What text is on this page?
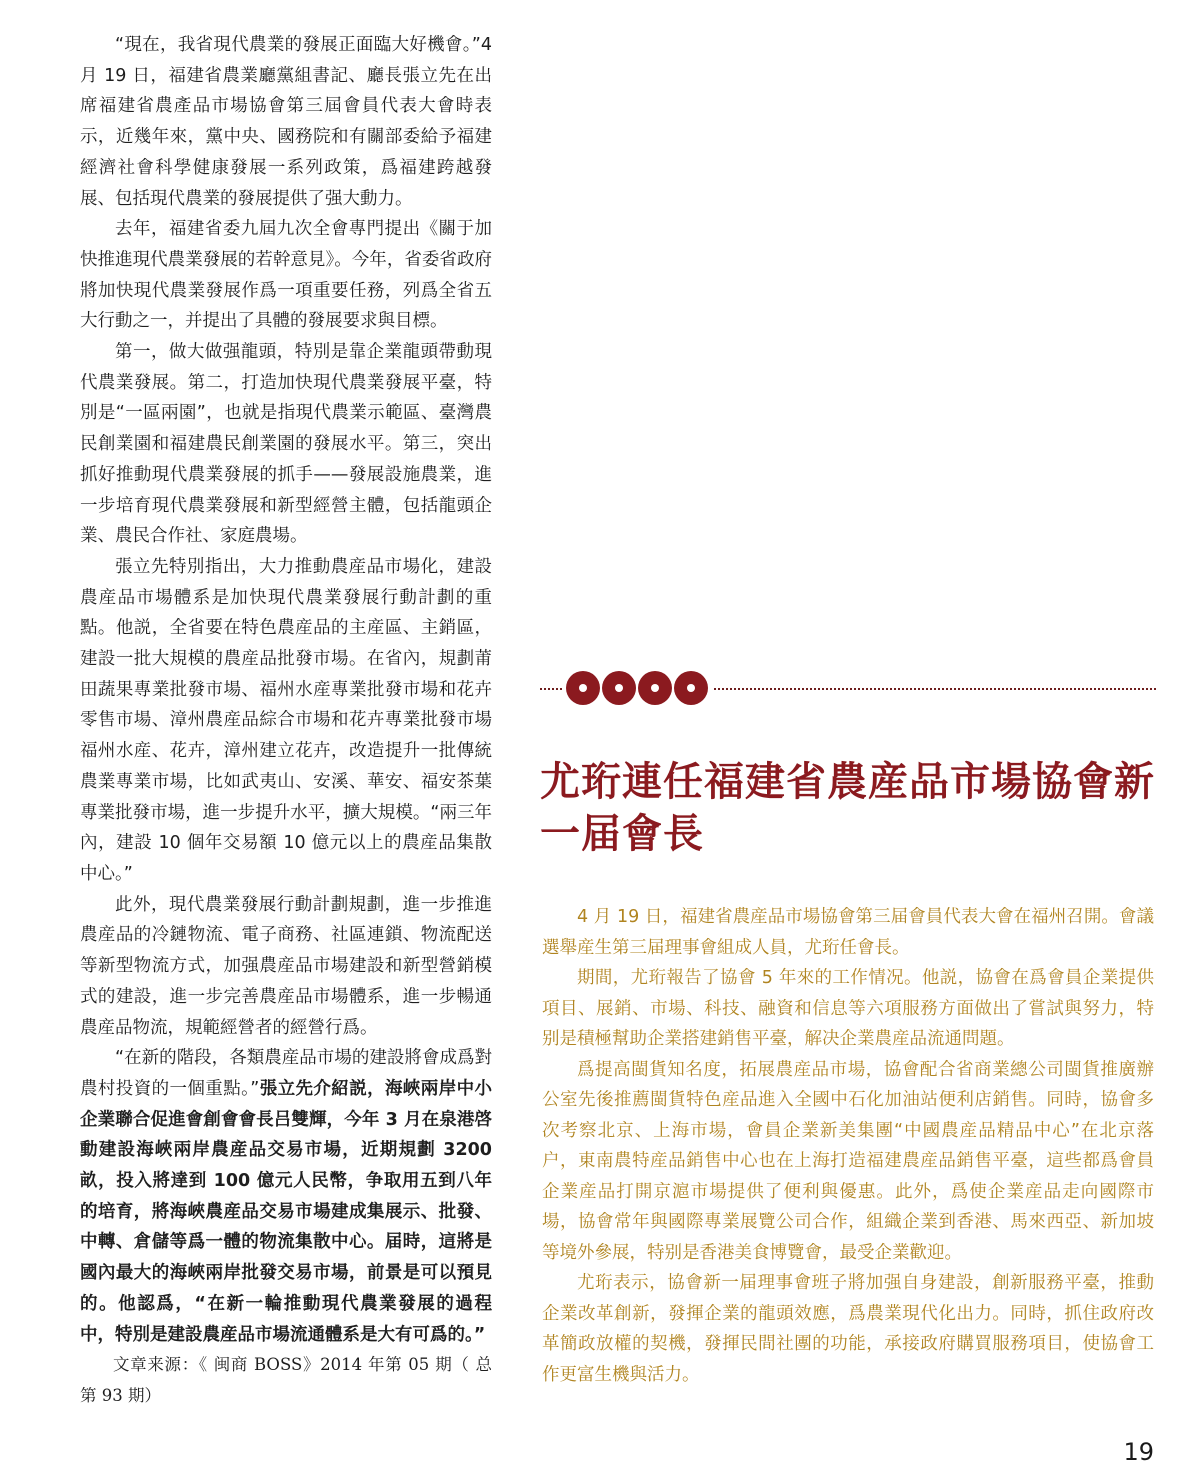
“現在，我省現代農業的發展正面臨大好機會。”4 月 19 日，福建省農業廳黨組書記、廳長張立先在出席福建省農產品市場協會第三屆會員代表大會時表示，近幾年來，黨中央、國務院和有關部委給予福建經濟社會科學健康發展一系列政策，爲福建跨越發展、包括現代農業的發展提供了强大動力。

去年，福建省委九屆九次全會專門提出《關于加快推進現代農業發展的若幹意見》。今年，省委省政府將加快現代農業發展作爲一項重要任務，列爲全省五大行動之一，并提出了具體的發展要求與目標。

第一，做大做强龍頭，特別是靠企業龍頭帶動現代農業發展。第二，打造加快現代農業發展平臺，特別是“一區兩園”，也就是指現代農業示範區、臺灣農民創業園和福建農民創業園的發展水平。第三，突出抓好推動現代農業發展的抓手——發展設施農業，進一步培育現代農業發展和新型經營主體，包括龍頭企業、農民合作社、家庭農場。

張立先特別指出，大力推動農産品市場化，建設農産品市場體系是加快現代農業發展行動計劃的重點。他説，全省要在特色農産品的主産區、主銷區，建設一批大規模的農産品批發市場。在省內，規劃莆田蔬果專業批發市場、福州水産專業批發市場和花卉零售市場、漳州農産品綜合市場和花卉專業批發市場福州水産、花卉，漳州建立花卉，改造提升一批傳統農業專業市場，比如武夷山、安溪、華安、福安茶葉專業批發市場，進一步提升水平，擴大規模。“兩三年內，建設 10 個年交易額 10 億元以上的農産品集散中心。”

此外，現代農業發展行動計劃規劃，進一步推進農産品的冷鏈物流、電子商務、社區連鎖、物流配送等新型物流方式，加强農産品市場建設和新型營銷模式的建設，進一步完善農産品市場體系，進一步暢通農産品物流，規範經營者的經營行爲。

“在新的階段，各類農産品市場的建設將會成爲對農村投資的一個重點。”張立先介紹説，海峽兩岸中小企業聯合促進會創會會長吕雙輝，今年 3 月在泉港啓動建設海峽兩岸農産品交易市場，近期規劃 3200 畝，投入將達到 100 億元人民幣，争取用五到八年的培育，將海峽農産品交易市場建成集展示、批發、中轉、倉儲等爲一體的物流集散中心。届時，這將是國內最大的海峽兩岸批發交易市場，前景是可以預見的。他認爲，“在新一輪推動現代農業發展的過程中，特別是建設農産品市場流通體系是大有可爲的。”

文章来源：《 闽商 BOSS》2014 年第 05 期（ 总第 93 期）

尤珩連任福建省農産品市場協會新一届會長

4 月 19 日，福建省農産品市場協會第三届會員代表大會在福州召開。會議選舉産生第三届理事會組成人員，尤珩任會長。

期間，尤珩報告了協會 5 年來的工作情况。他説，協會在爲會員企業提供項目、展銷、市場、科技、融資和信息等六項服務方面做出了嘗試與努力，特别是積極幫助企業搭建銷售平臺，解决企業農産品流通問題。

爲提高閩貨知名度，拓展農産品市場，協會配合省商業總公司閩貨推廣辦公室先後推薦閩貨特色産品進入全國中石化加油站便利店銷售。同時，協會多次考察北京、上海市場，會員企業新美集團“中國農産品精品中心”在北京落户，東南農特産品銷售中心也在上海打造福建農産品銷售平臺，這些都爲會員企業産品打開京滬市場提供了便利與優惠。此外，爲使企業産品走向國際市場，協會常年與國際專業展覽公司合作，組織企業到香港、馬來西亞、新加坡等境外參展，特别是香港美食博覽會，最受企業歡迎。

尤珩表示，協會新一届理事會班子將加强自身建設，創新服務平臺，推動企業改革創新，發揮企業的龍頭效應，爲農業現代化出力。同時，抓住政府改革簡政放權的契機，發揮民間社團的功能，承接政府購買服務項目，使協會工作更富生機與活力。

19
